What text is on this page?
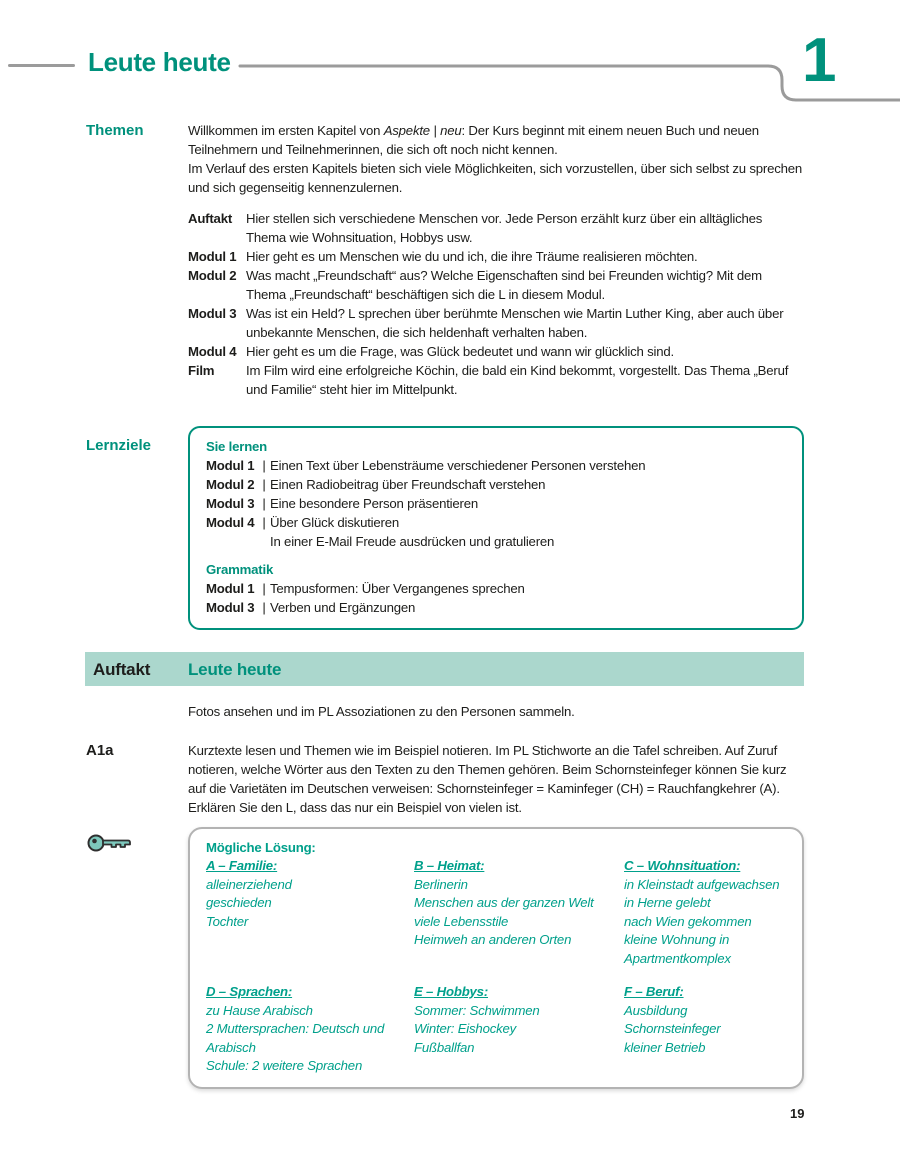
Leute heute	1
Themen	Willkommen im ersten Kapitel von Aspekte | neu: Der Kurs beginnt mit einem neuen Buch und neuen Teilnehmern und Teilnehmerinnen, die sich oft noch nicht kennen.
Im Verlauf des ersten Kapitels bieten sich viele Möglichkeiten, sich vorzustellen, über sich selbst zu sprechen und sich gegenseitig kennenzulernen.
Auftakt	Hier stellen sich verschiedene Menschen vor. Jede Person erzählt kurz über ein alltägliches Thema wie Wohnsituation, Hobbys usw.
Modul 1 Hier geht es um Menschen wie du und ich, die ihre Träume realisieren möchten.
Modul 2 Was macht „Freundschaft“ aus? Welche Eigenschaften sind bei Freunden wichtig? Mit dem Thema „Freundschaft“ beschäftigen sich die L in diesem Modul.
Modul 3 Was ist ein Held? L sprechen über berühmte Menschen wie Martin Luther King, aber auch über unbekannte Menschen, die sich heldenhaft verhalten haben.
Modul 4 Hier geht es um die Frage, was Glück bedeutet und wann wir glücklich sind.
Film	Im Film wird eine erfolgreiche Köchin, die bald ein Kind bekommt, vorgestellt. Das Thema „Beruf und Familie“ steht hier im Mittelpunkt.
Lernziele	Sie lernen
Modul 1 | Einen Text über Lebensträume verschiedener Personen verstehen
Modul 2 | Einen Radiobeitrag über Freundschaft verstehen
Modul 3 | Eine besondere Person präsentieren
Modul 4 | Über Glück diskutieren
In einer E-Mail Freude ausdrücken und gratulieren
Grammatik
Modul 1 | Tempusformen: Über Vergangenes sprechen
Modul 3 | Verben und Ergänzungen
Auftakt	Leute heute
Fotos ansehen und im PL Assoziationen zu den Personen sammeln.
A1a	Kurztexte lesen und Themen wie im Beispiel notieren. Im PL Stichworte an die Tafel schreiben. Auf Zuruf notieren, welche Wörter aus den Texten zu den Themen gehören. Beim Schornsteinfeger können Sie kurz auf die Varietäten im Deutschen verweisen: Schornsteinfeger = Kaminfeger (CH) = Rauchfangkehrer (A). Erklären Sie den L, dass das nur ein Beispiel von vielen ist.
Mögliche Lösung:
A – Familie:
alleinerziehend
geschieden
Tochter
B – Heimat:
Berlinerin
Menschen aus der ganzen Welt
viele Lebensstile
Heimweh an anderen Orten
C – Wohnsituation:
in Kleinstadt aufgewachsen in Herne gelebt
nach Wien gekommen
kleine Wohnung in Apartmentkomplex
D – Sprachen:
zu Hause Arabisch
2 Muttersprachen: Deutsch und Arabisch
Schule: 2 weitere Sprachen
E – Hobbys:
Sommer: Schwimmen
Winter: Eishockey
Fußballfan
F – Beruf:
Ausbildung Schornsteinfeger
kleiner Betrieb
19
